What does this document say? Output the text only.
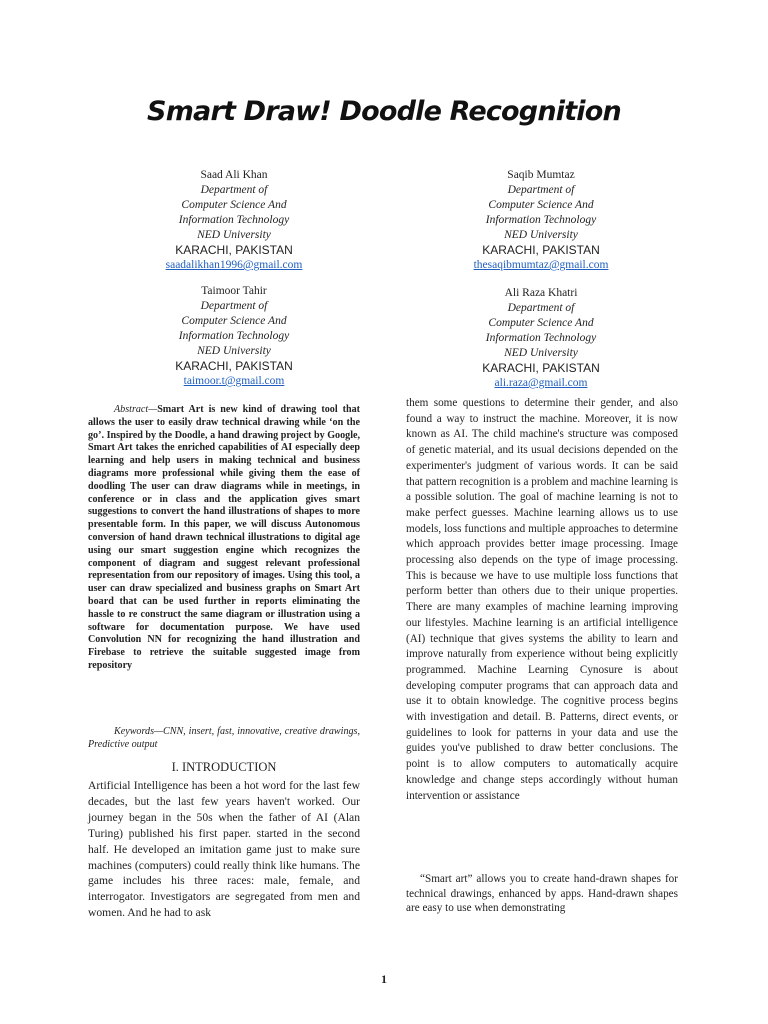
Smart Draw! Doodle Recognition
Saad Ali Khan
Department of
Computer Science And
Information Technology
NED University
KARACHI, PAKISTAN
saadalikhan1996@gmail.com
Saqib Mumtaz
Department of
Computer Science And
Information Technology
NED University
KARACHI, PAKISTAN
thesaqibmumtaz@gmail.com
Taimoor Tahir
Department of
Computer Science And
Information Technology
NED University
KARACHI, PAKISTAN
taimoor.t@gmail.com
Ali Raza Khatri
Department of
Computer Science And
Information Technology
NED University
KARACHI, PAKISTAN
ali.raza@gmail.com
Abstract—Smart Art is new kind of drawing tool that allows the user to easily draw technical drawing while ‘on the go’. Inspired by the Doodle, a hand drawing project by Google, Smart Art takes the enriched capabilities of AI especially deep learning and help users in making technical and business diagrams more professional while giving them the ease of doodling The user can draw diagrams while in meetings, in conference or in class and the application gives smart suggestions to convert the hand illustrations of shapes to more presentable form. In this paper, we will discuss Autonomous conversion of hand drawn technical illustrations to digital age using our smart suggestion engine which recognizes the component of diagram and suggest relevant professional representation from our repository of images. Using this tool, a user can draw specialized and business graphs on Smart Art board that can be used further in reports eliminating the hassle to re construct the same diagram or illustration using a software for documentation purpose. We have used Convolution NN for recognizing the hand illustration and Firebase to retrieve the suitable suggested image from repository
Keywords—CNN, insert, fast, innovative, creative drawings, Predictive output
I. INTRODUCTION
Artificial Intelligence has been a hot word for the last few decades, but the last few years haven't worked. Our journey began in the 50s when the father of AI (Alan Turing) published his first paper. started in the second half. He developed an imitation game just to make sure machines (computers) could really think like humans. The game includes his three races: male, female, and interrogator. Investigators are segregated from men and women. And he had to ask
them some questions to determine their gender, and also found a way to instruct the machine. Moreover, it is now known as AI. The child machine's structure was composed of genetic material, and its usual decisions depended on the experimenter's judgment of various words. It can be said that pattern recognition is a problem and machine learning is a possible solution. The goal of machine learning is not to make perfect guesses. Machine learning allows us to use models, loss functions and multiple approaches to determine which approach provides better image processing. Image processing also depends on the type of image processing. This is because we have to use multiple loss functions that perform better than others due to their unique properties. There are many examples of machine learning improving our lifestyles. Machine learning is an artificial intelligence (AI) technique that gives systems the ability to learn and improve naturally from experience without being explicitly programmed. Machine Learning Cynosure is about developing computer programs that can approach data and use it to obtain knowledge. The cognitive process begins with investigation and detail. B. Patterns, direct events, or guidelines to look for patterns in your data and use the guides you've published to draw better conclusions. The point is to allow computers to automatically acquire knowledge and change steps accordingly without human intervention or assistance
“Smart art” allows you to create hand-drawn shapes for technical drawings, enhanced by apps. Hand-drawn shapes are easy to use when demonstrating
1
